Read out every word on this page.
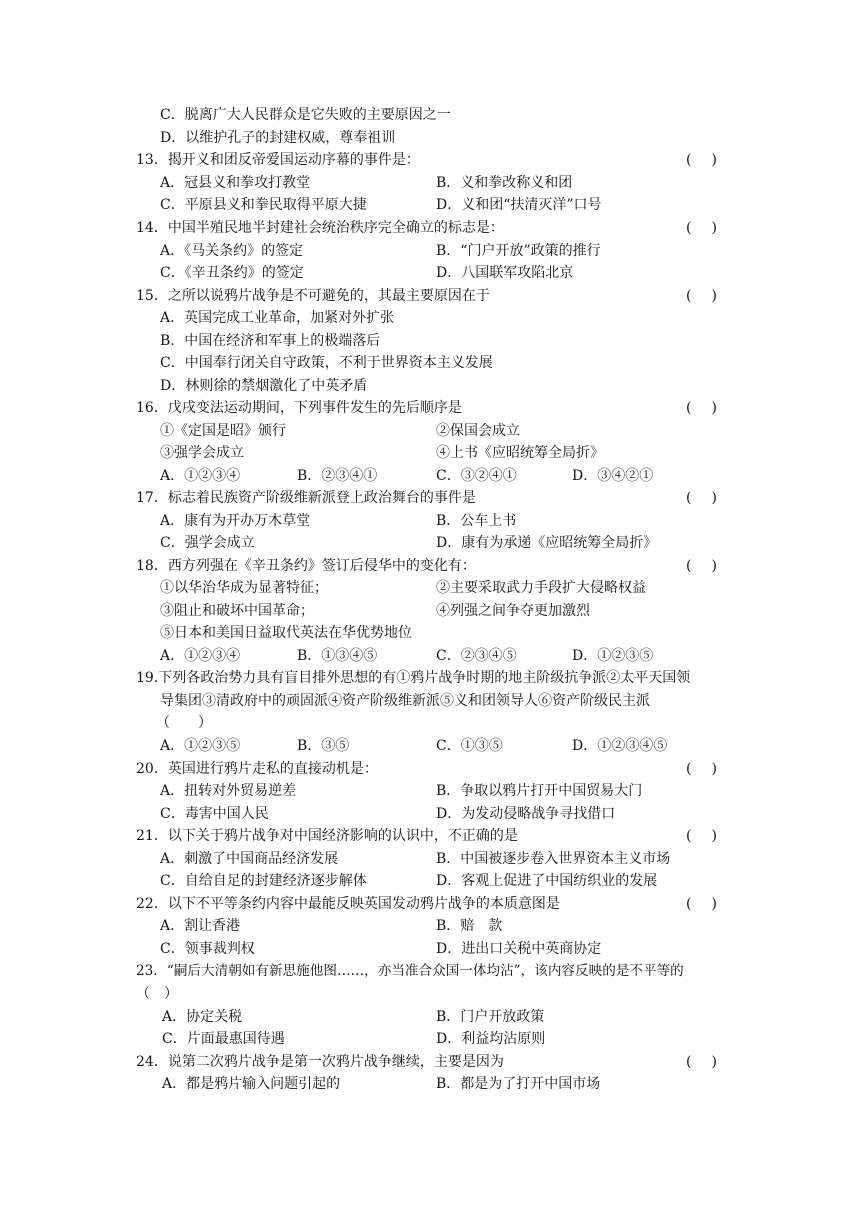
C．脱离广大人民群众是它失败的主要原因之一
D．以维护孔子的封建权威，尊奉祖训
13．揭开义和团反帝爱国运动序幕的事件是：	()
A．冠县义和拳攻打教堂	B．义和拳改称义和团
C．平原县义和拳民取得平原大捷	D．义和团“扶清灭洋”口号
14．中国半殖民地半封建社会统治秩序完全确立的标志是：	()
A．《马关条约》的签定	B．“门户开放”政策的推行
C．《辛丑条约》的签定	D．八国联军攻陷北京
15．之所以说鸦片战争是不可避免的，其最主要原因在于	()
A．英国完成工业革命，加紧对外扩张
B．中国在经济和军事上的极端落后
C．中国奉行闭关自守政策，不利于世界资本主义发展
D．林则徐的禁烟激化了中英矛盾
16．戊戌变法运动期间，下列事件发生的先后顺序是	()
①《定国是昭》颁行	②保国会成立
③强学会成立	④上书《应昭统筹全局折》
A．①②③④	B．②③④①	C．③②④①	D．③④②①
17．标志着民族资产阶级维新派登上政治舞台的事件是	()
A．康有为开办万木草堂	B．公车上书
C．强学会成立	D．康有为承递《应昭统筹全局折》
18．西方列强在《辛丑条约》签订后侵华中的变化有：	()
①以华治华成为显著特征；	②主要采取武力手段扩大侵略权益
③阻止和破坏中国革命；	④列强之间争夺更加激烈
⑤日本和美国日益取代英法在华优势地位
A．①②③④	B．①③④⑤	C．②③④⑤	D．①②③⑤
19.下列各政治势力具有盲目排外思想的有①鸦片战争时期的地主阶级抗争派②太平天国领
导集团③清政府中的顽固派④资产阶级维新派⑤义和团领导人⑥资产阶级民主派
（　　）
A．①②③⑤	B．③⑤	C．①③⑤	D．①②③④⑤
20．英国进行鸦片走私的直接动机是：	()
A．扭转对外贸易逆差	B．争取以鸦片打开中国贸易大门
C．毒害中国人民	D．为发动侵略战争寻找借口
21．以下关于鸦片战争对中国经济影响的认识中，不正确的是	()
A．刺激了中国商品经济发展	B．中国被逐步卷入世界资本主义市场
C．自给自足的封建经济逐步解体	D．客观上促进了中国纺织业的发展
22．以下不平等条约内容中最能反映英国发动鸦片战争的本质意图是	()
A．割让香港	B．赔　款
C．领事裁判权	D．进出口关税中英商协定
23．“嗣后大清朝如有新思施他图……，亦当准合众国一体均沾”，该内容反映的是不平等的
（　）
A．协定关税	B．门户开放政策
C．片面最惠国待遇	D．利益均沾原则
24．说第二次鸦片战争是第一次鸦片战争继续，主要是因为	()
A．都是鸦片输入问题引起的	B．都是为了打开中国市场
